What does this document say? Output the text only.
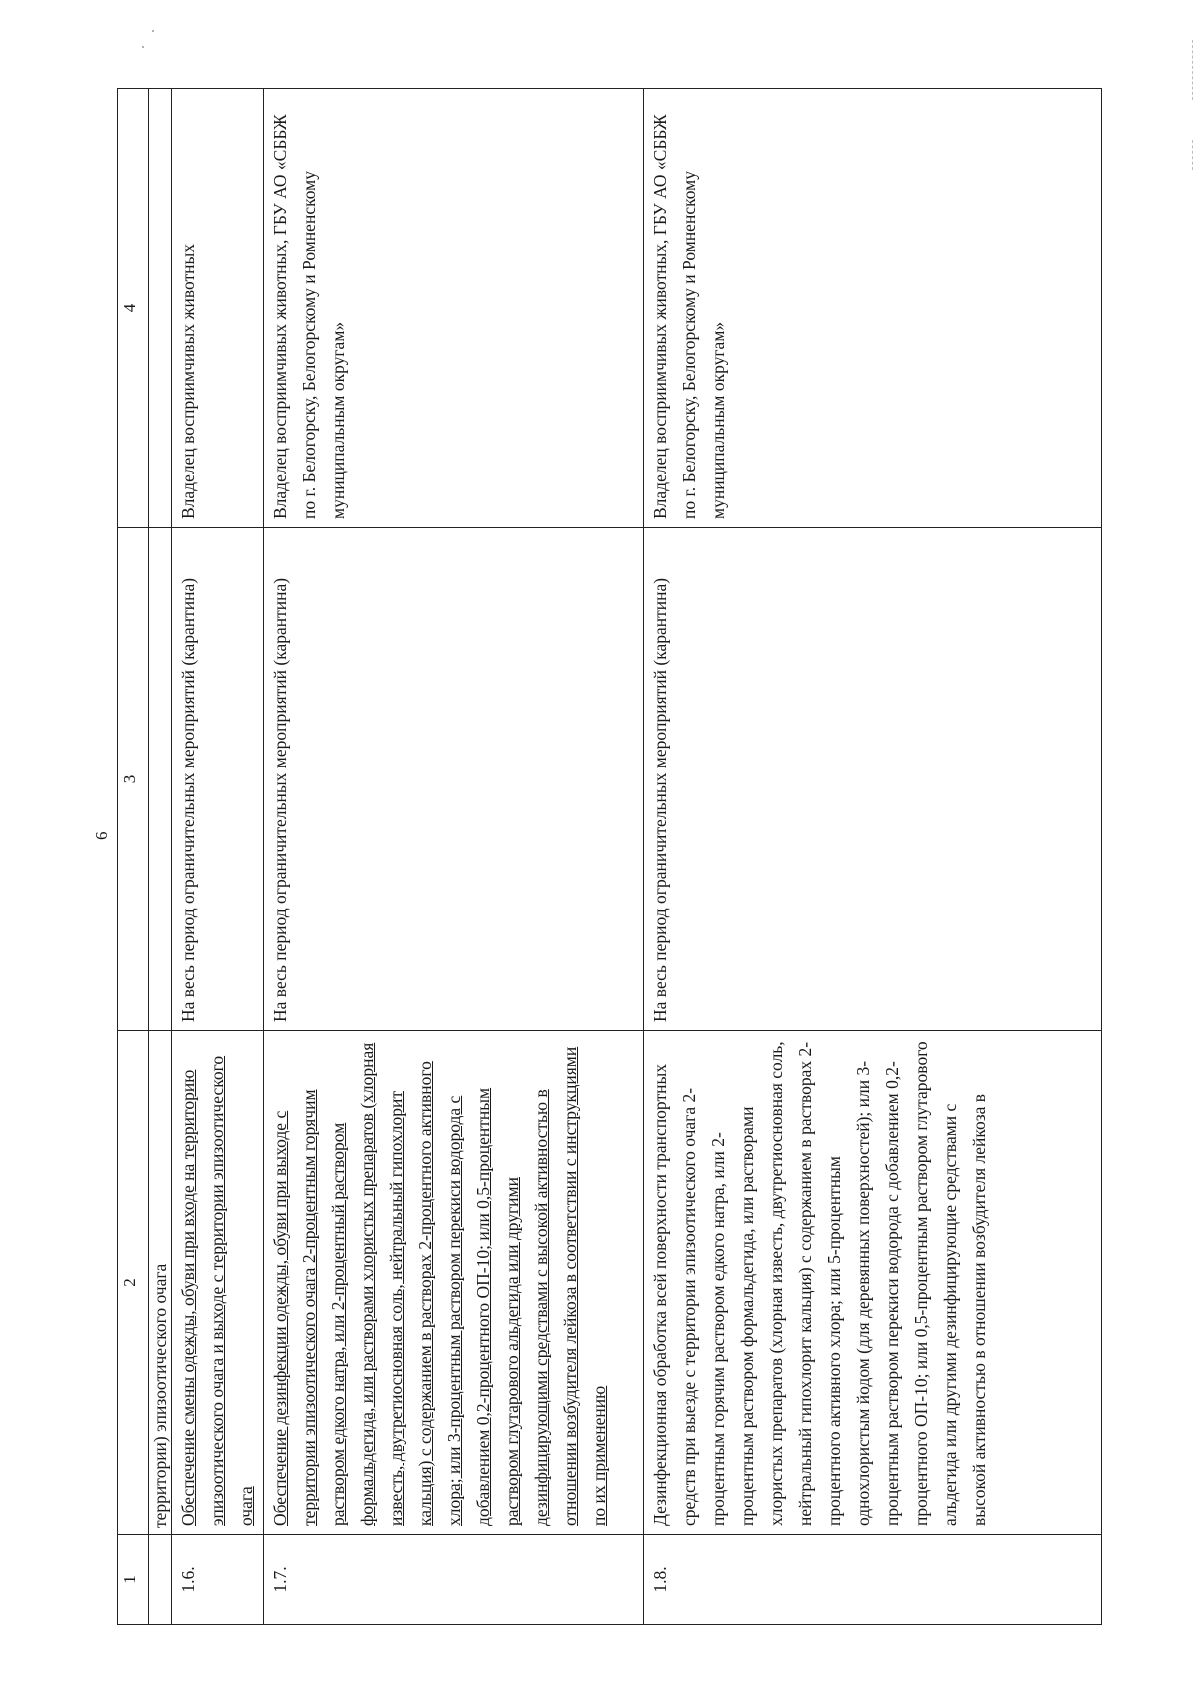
6
1	2	3	4
	территории) эпизоотического очага		
1.6.	Обеспечение смены одежды, обуви при входе на территорию эпизоотического очага и выходе с территории эпизоотического очага	На весь период ограничительных мероприятий (карантина)	Владелец восприимчивых животных
1.7.	Обеспечение дезинфекции одежды, обуви при выходе с территории эпизоотического очага 2-процентным горячим раствором едкого натра, или 2-процентный раствором формальдегида, или растворами хлористых препаратов (хлорная известь, двутретиосновная соль, нейтральный гипохлорит кальция) с содержанием в растворах 2-процентного активного хлора; или 3-процентным раствором перекиси водорода с добавлением 0,2-процентного ОП-10; или 0,5-процентным раствором глутарового альдегида или другими дезинфицирующими средствами с высокой активностью в отношении возбудителя лейкоза в соответствии с инструкциями по их применению	На весь период ограничительных мероприятий (карантина)	Владелец восприимчивых животных, ГБУ АО «СББЖ по г. Белогорску, Белогорскому и Ромненскому муниципальным округам»
1.8.	Дезинфекционная обработка всей поверхности транспортных средств при выезде с территории эпизоотического очага 2-процентным горячим раствором едкого натра, или 2-процентным раствором формальдегида, или растворами хлористых препаратов (хлорная известь, двутретиосновная соль, нейтральный гипохлорит кальция) с содержанием в растворах 2-процентного активного хлора; или 5-процентным однохлористым йодом (для деревянных поверхностей); или 3-процентным раствором перекиси водорода с добавлением 0,2-процентного ОП-10; или 0,5-процентным раствором глутарового альдегида или другими дезинфицирующие средствами с высокой активностью в отношении возбудителя лейкоза в	На весь период ограничительных мероприятий (карантина)	Владелец восприимчивых животных, ГБУ АО «СББЖ по г. Белогорску, Белогорскому и Ромненскому муниципальным округам»
